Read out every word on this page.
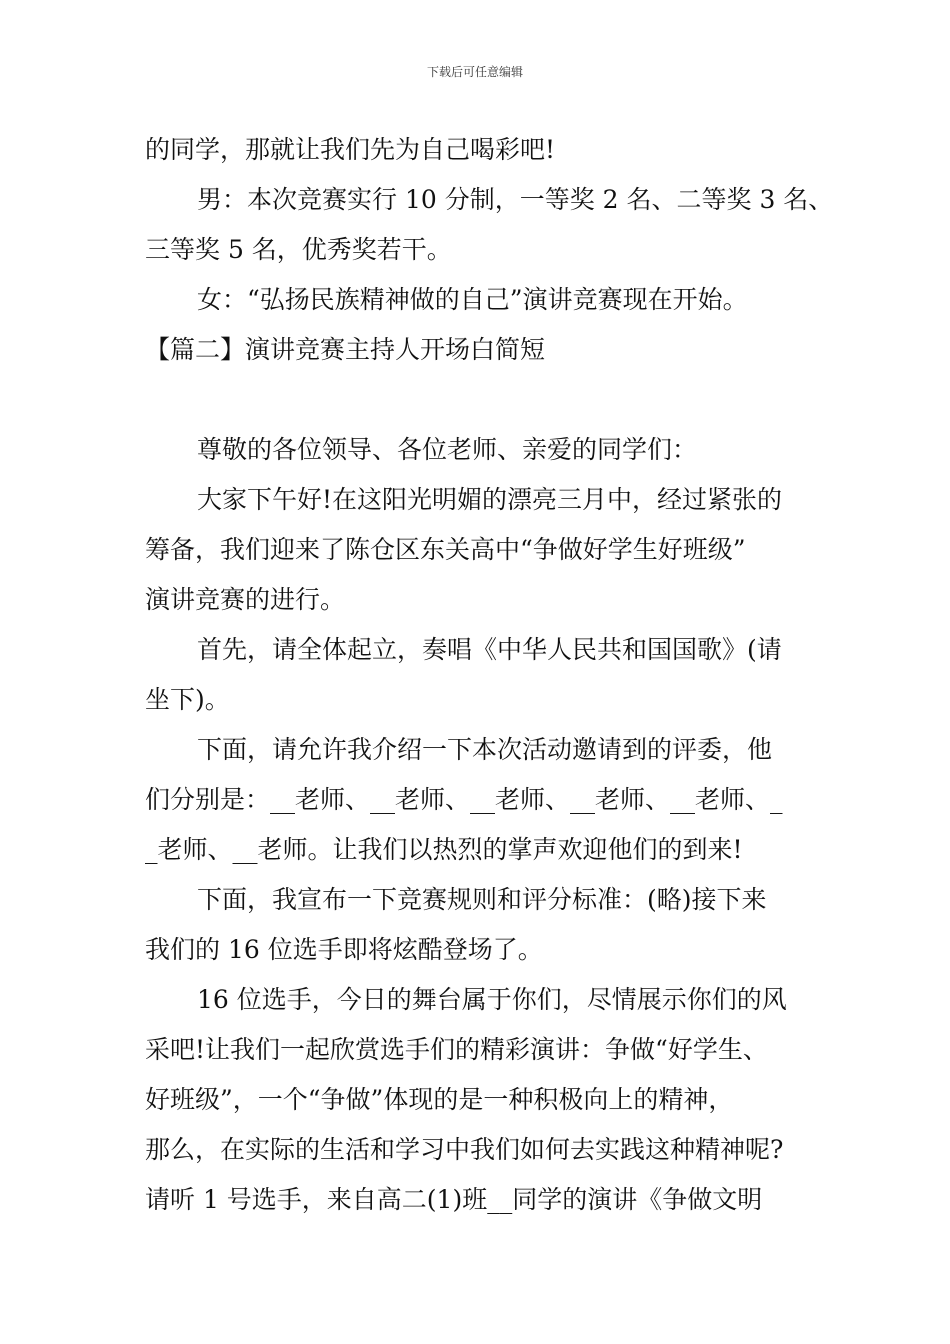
下载后可任意编辑
的同学，那就让我们先为自己喝彩吧!
男：本次竞赛实行 10 分制，一等奖 2 名、二等奖 3 名、
三等奖 5 名，优秀奖若干。
女：“弘扬民族精神做的自己”演讲竞赛现在开始。
【篇二】演讲竞赛主持人开场白简短
尊敬的各位领导、各位老师、亲爱的同学们：
大家下午好!在这阳光明媚的漂亮三月中，经过紧张的
筹备，我们迎来了陈仓区东关高中“争做好学生好班级”
演讲竞赛的进行。
首先，请全体起立，奏唱《中华人民共和国国歌》(请
坐下)。
下面，请允许我介绍一下本次活动邀请到的评委，他
们分别是：__老师、__老师、__老师、__老师、__老师、_
_老师、__老师。让我们以热烈的掌声欢迎他们的到来!
下面，我宣布一下竞赛规则和评分标准：(略)接下来
我们的 16 位选手即将炫酷登场了。
16 位选手，今日的舞台属于你们，尽情展示你们的风
采吧!让我们一起欣赏选手们的精彩演讲：争做“好学生、
好班级”，一个“争做”体现的是一种积极向上的精神，
那么，在实际的生活和学习中我们如何去实践这种精神呢?
请听 1 号选手，来自高二(1)班__同学的演讲《争做文明
